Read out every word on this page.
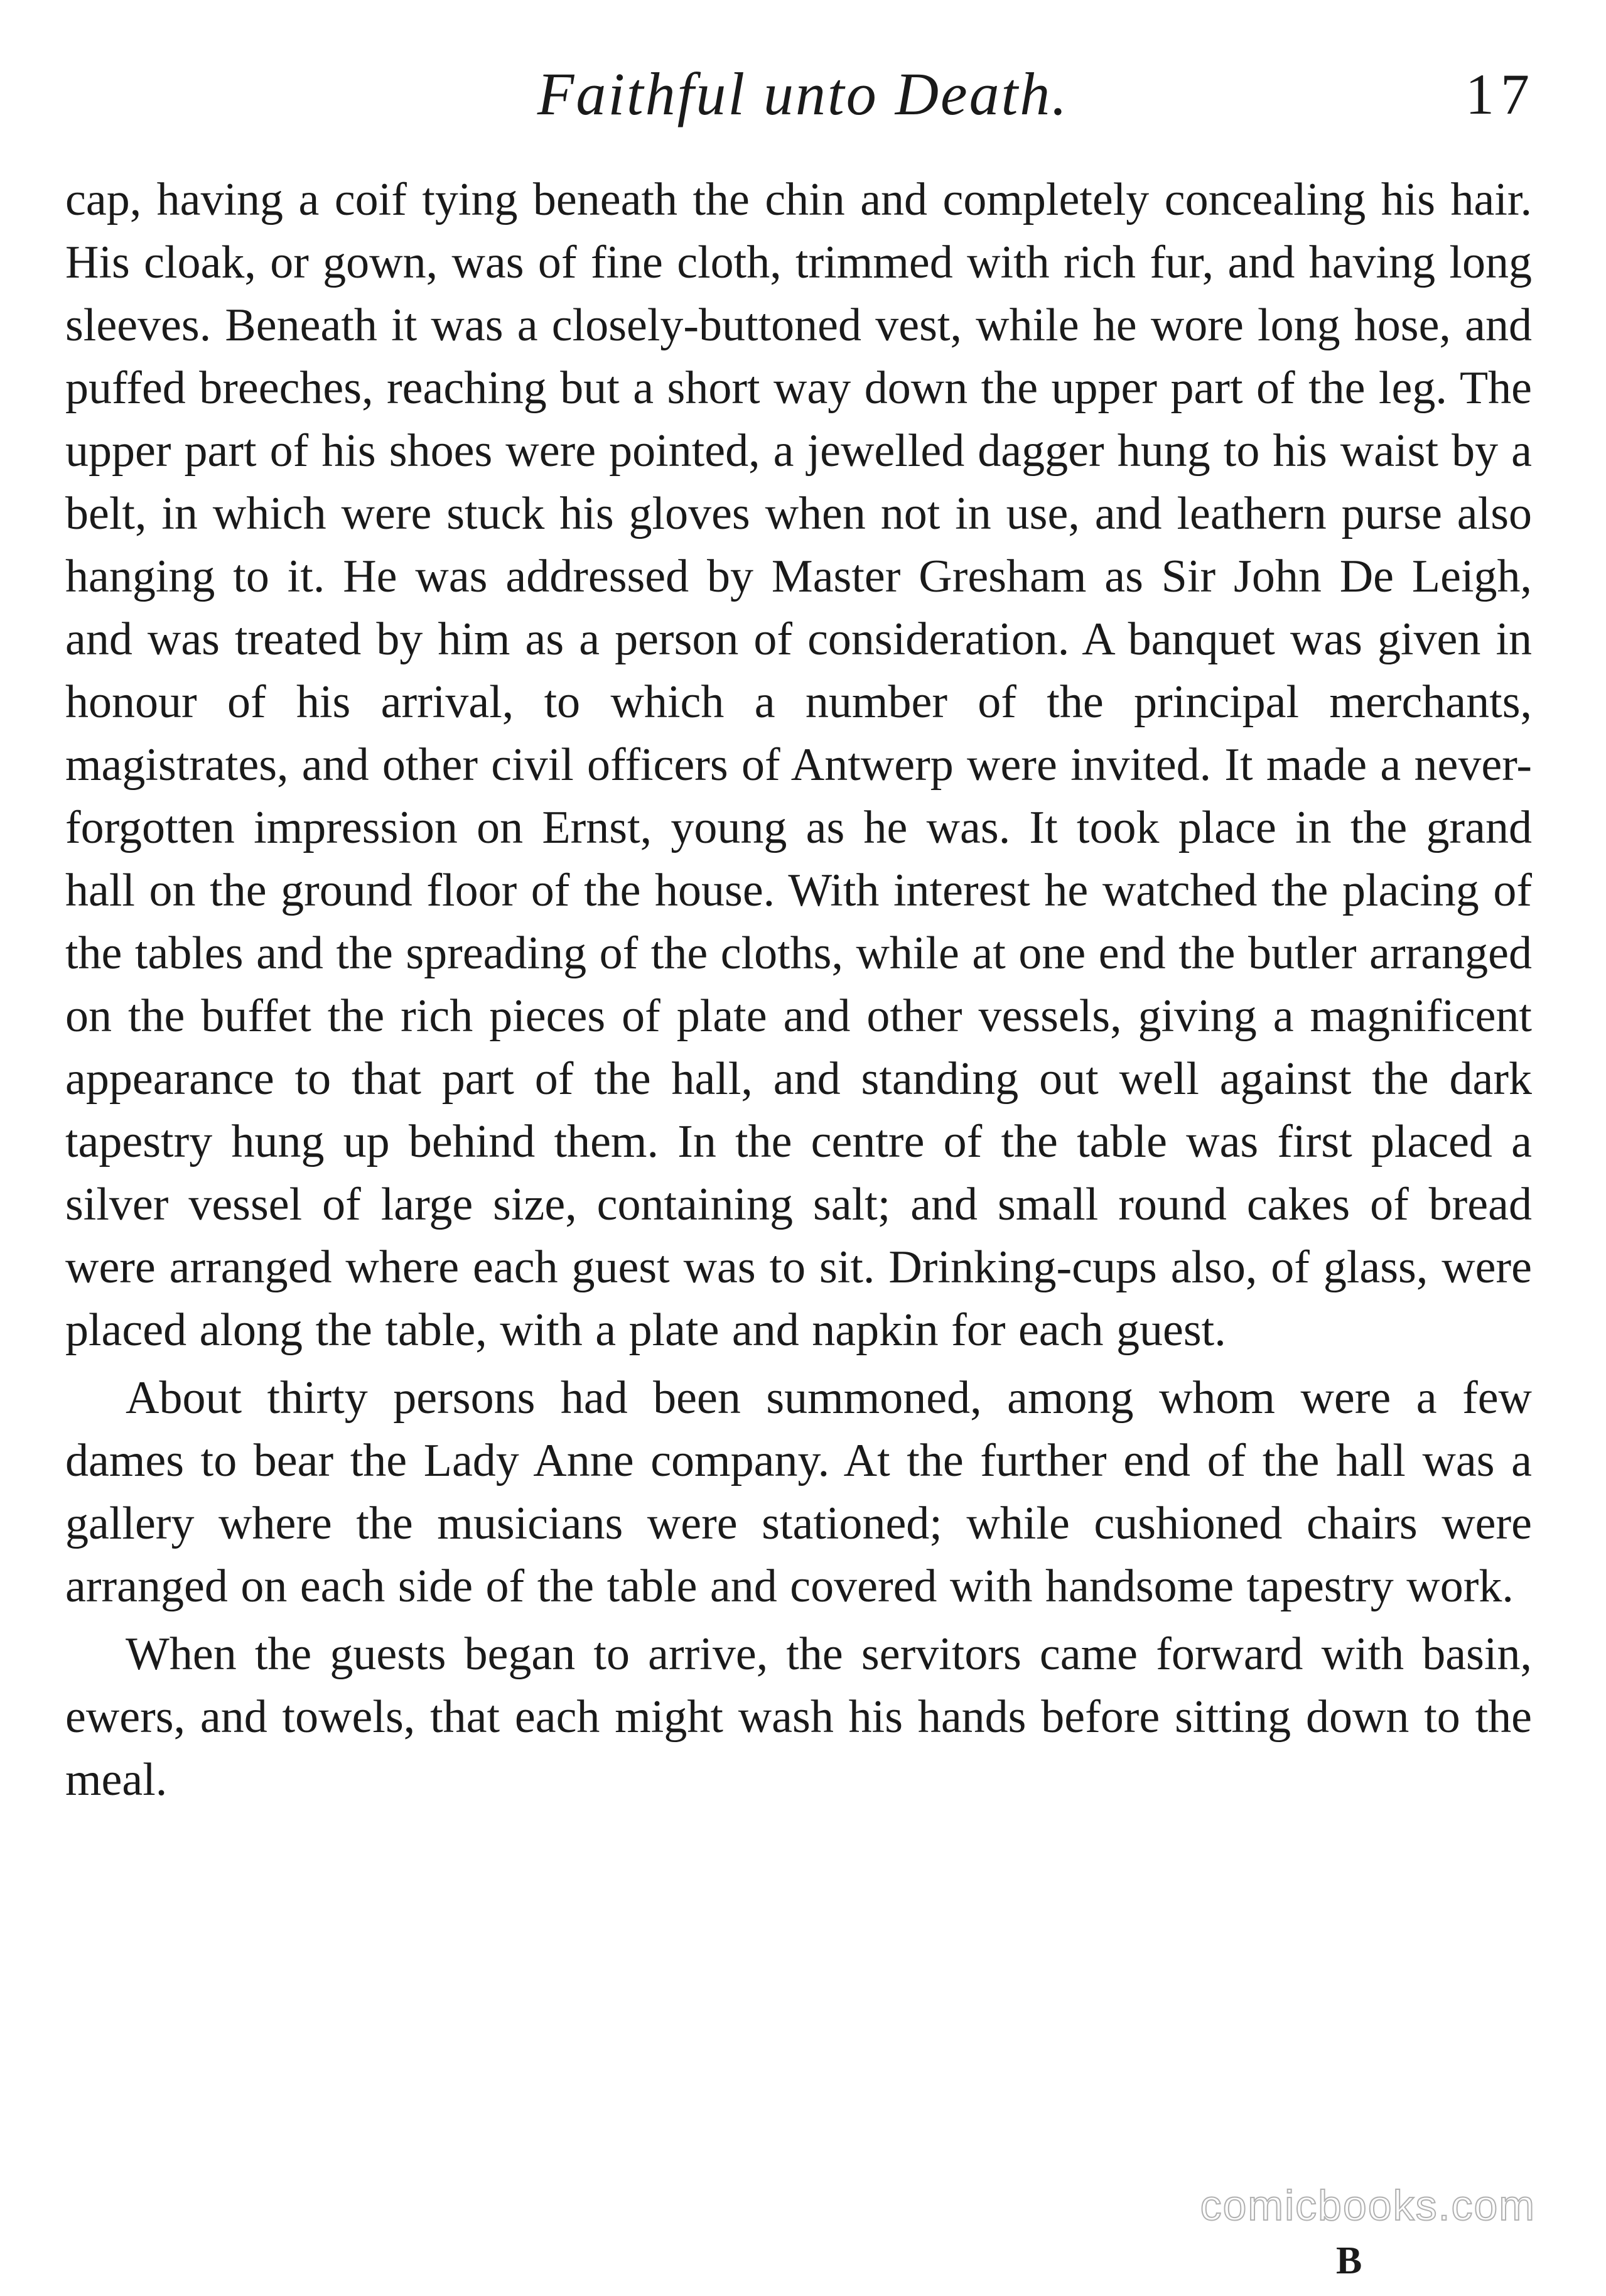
Faithful unto Death.	17

cap, having a coif tying beneath the chin and completely concealing his hair. His cloak, or gown, was of fine cloth, trimmed with rich fur, and having long sleeves. Beneath it was a closely-buttoned vest, while he wore long hose, and puffed breeches, reaching but a short way down the upper part of the leg. The upper part of his shoes were pointed, a jewelled dagger hung to his waist by a belt, in which were stuck his gloves when not in use, and leathern purse also hanging to it. He was addressed by Master Gresham as Sir John De Leigh, and was treated by him as a person of consideration. A banquet was given in honour of his arrival, to which a number of the principal merchants, magistrates, and other civil officers of Antwerp were invited. It made a never-forgotten impression on Ernst, young as he was. It took place in the grand hall on the ground floor of the house. With interest he watched the placing of the tables and the spreading of the cloths, while at one end the butler arranged on the buffet the rich pieces of plate and other vessels, giving a magnificent appearance to that part of the hall, and standing out well against the dark tapestry hung up behind them. In the centre of the table was first placed a silver vessel of large size, containing salt; and small round cakes of bread were arranged where each guest was to sit. Drinking-cups also, of glass, were placed along the table, with a plate and napkin for each guest.

About thirty persons had been summoned, among whom were a few dames to bear the Lady Anne company. At the further end of the hall was a gallery where the musicians were stationed; while cushioned chairs were arranged on each side of the table and covered with handsome tapestry work.

When the guests began to arrive, the servitors came forward with basin, ewers, and towels, that each might wash his hands before sitting down to the meal.

comicbooks.com
B
